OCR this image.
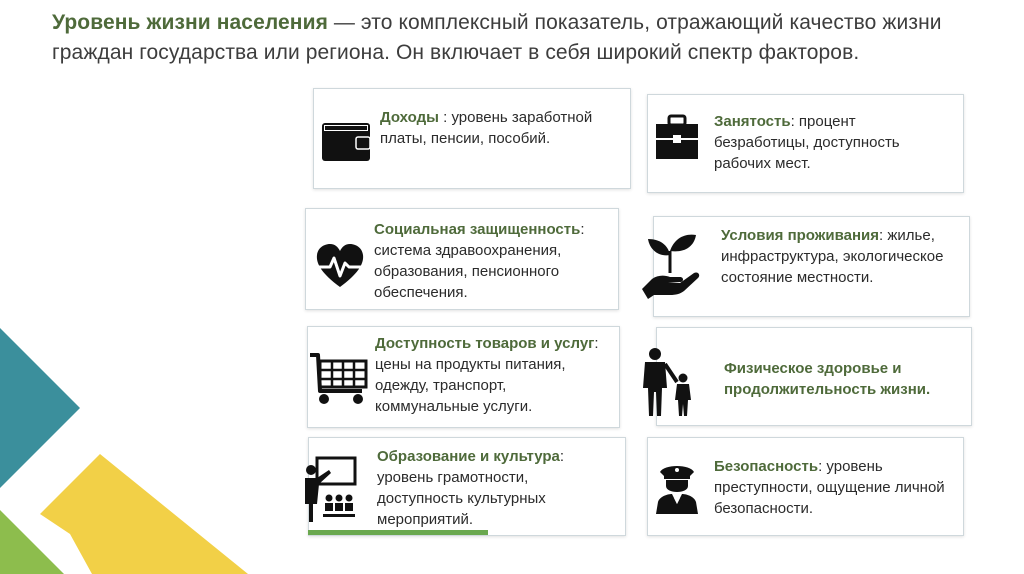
Уровень жизни населения — это комплексный показатель, отражающий качество жизни граждан государства или региона. Он включает в себя широкий спектр факторов.
Доходы : уровень заработной платы, пенсии, пособий.
Занятость: процент безработицы, доступность рабочих мест.
Социальная защищенность: система здравоохранения, образования, пенсионного обеспечения.
Условия проживания: жилье, инфраструктура, экологическое состояние местности.
Доступность товаров и услуг: цены на продукты питания, одежду, транспорт, коммунальные услуги.
Физическое здоровье и продолжительность жизни.
Образование и культура: уровень грамотности, доступность культурных мероприятий.
Безопасность: уровень преступности, ощущение личной безопасности.
